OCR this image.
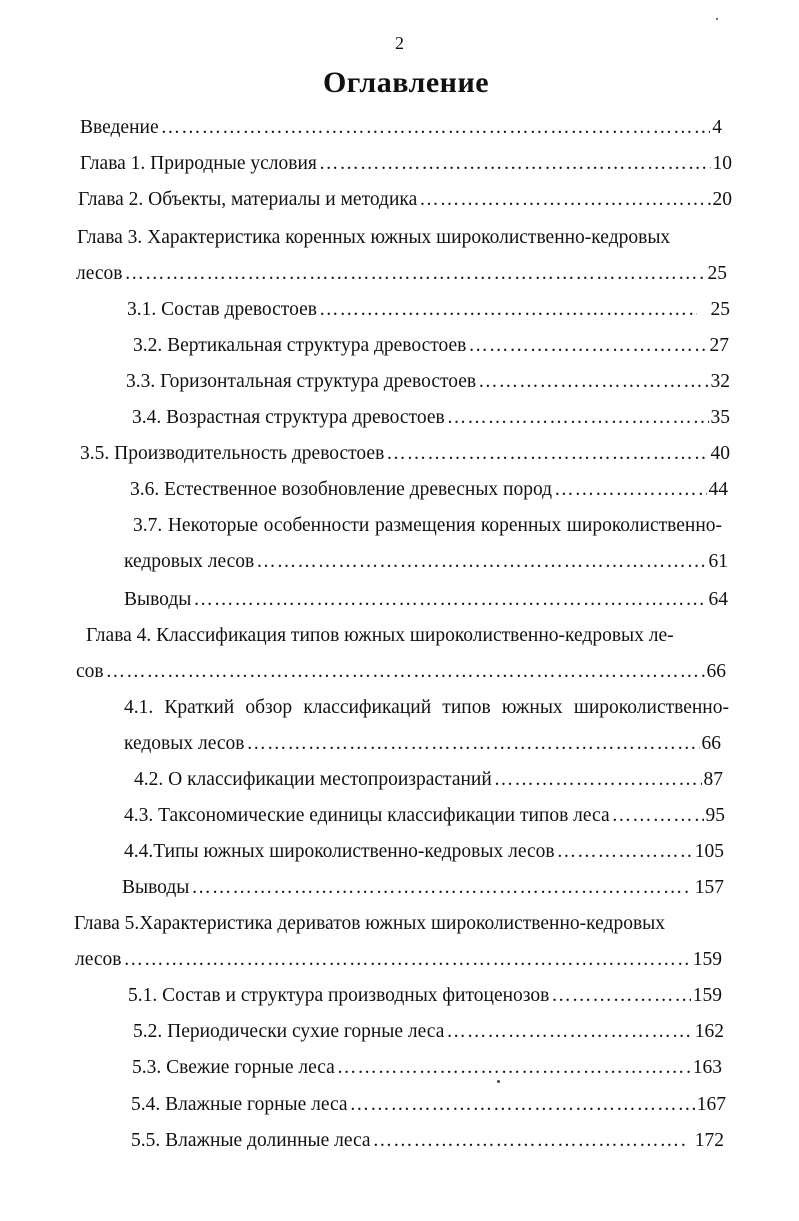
2
Оглавление
Введение …………………………………………………………………………………………………………………………………………………………	4
Глава 1. Природные условия …………………………………………………………………………………………………………………………………………………………	10
Глава 2. Объекты, материалы и методика …………………………………………………………………………………………………………………………………………………………	20
Глава 3. Характеристика коренных южных широколиственно-кедровых
лесов …………………………………………………………………………………………………………………………………………………………	25
3.1. Состав древостоев …………………………………………………………………………………………………………………………………………………………	25
3.2. Вертикальная структура древостоев …………………………………………………………………………………………………………………………………………………………	27
3.3. Горизонтальная структура древостоев …………………………………………………………………………………………………………………………………………………………	32
3.4. Возрастная структура древостоев …………………………………………………………………………………………………………………………………………………………	35
3.5. Производительность древостоев …………………………………………………………………………………………………………………………………………………………	40
3.6. Естественное возобновление древесных пород …………………………………………………………………………………………………………………………………………………………	44
3.7. Некоторые особенности размещения коренных широколиственно-
кедровых лесов …………………………………………………………………………………………………………………………………………………………	61
Выводы …………………………………………………………………………………………………………………………………………………………	64
Глава 4. Классификация типов южных широколиственно-кедровых ле-
сов …………………………………………………………………………………………………………………………………………………………	66
4.1. Краткий обзор классификаций типов южных широколиственно-
кедовых лесов …………………………………………………………………………………………………………………………………………………………	66
4.2. О классификации местопроизрастаний …………………………………………………………………………………………………………………………………………………………	87
4.3. Таксономические единицы классификации типов леса …………………………………………………………………………………………………………………………………………………………	95
4.4.Типы южных широколиственно-кедровых лесов …………………………………………………………………………………………………………………………………………………………	105
Выводы …………………………………………………………………………………………………………………………………………………………	157
Глава 5.Характеристика дериватов южных широколиственно-кедровых
лесов …………………………………………………………………………………………………………………………………………………………	159
5.1. Состав и структура производных фитоценозов …………………………………………………………………………………………………………………………………………………………	159
5.2. Периодически сухие горные леса …………………………………………………………………………………………………………………………………………………………	162
5.3. Свежие горные леса …………………………………………………………………………………………………………………………………………………………	163
5.4. Влажные горные леса …………………………………………………………………………………………………………………………………………………………	167
5.5. Влажные долинные леса …………………………………………………………………………………………………………………………………………………………	172
